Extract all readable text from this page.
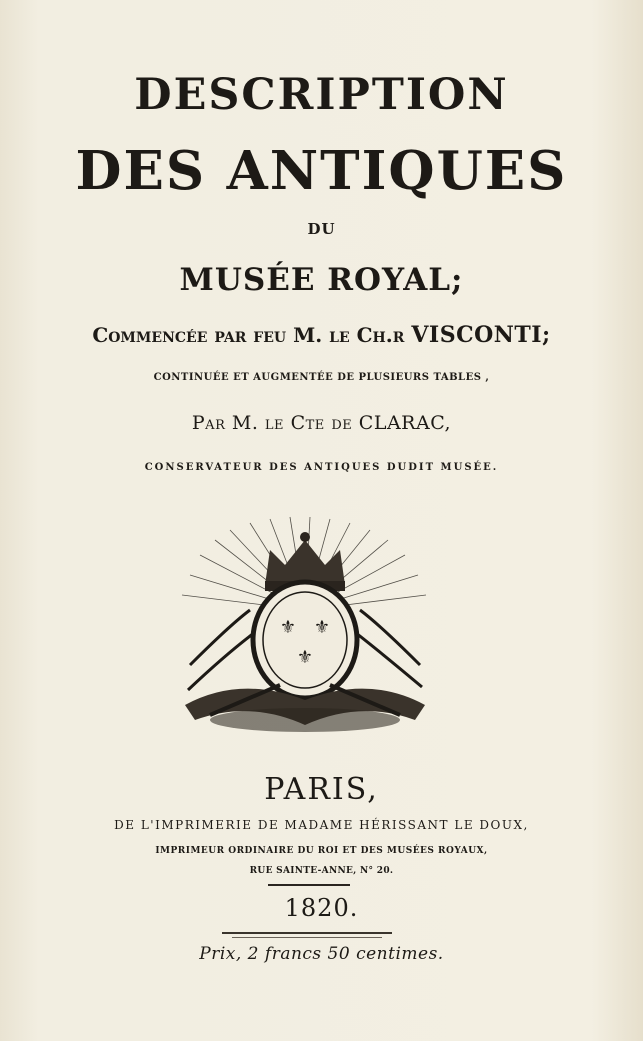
DESCRIPTION
DES ANTIQUES
DU
MUSÉE ROYAL;
Commencée par feu M. le Ch.r VISCONTI;
CONTINUÉE ET AUGMENTÉE DE PLUSIEURS TABLES ,
Par M. le Cte de CLARAC,
CONSERVATEUR DES ANTIQUES DUDIT MUSÉE.
⚜ ⚜
⚜
PARIS,
DE L'IMPRIMERIE DE MADAME HÉRISSANT LE DOUX,
IMPRIMEUR ORDINAIRE DU ROI ET DES MUSÉES ROYAUX,
RUE SAINTE-ANNE, N° 20.
1820.
Prix, 2 francs 50 centimes.
